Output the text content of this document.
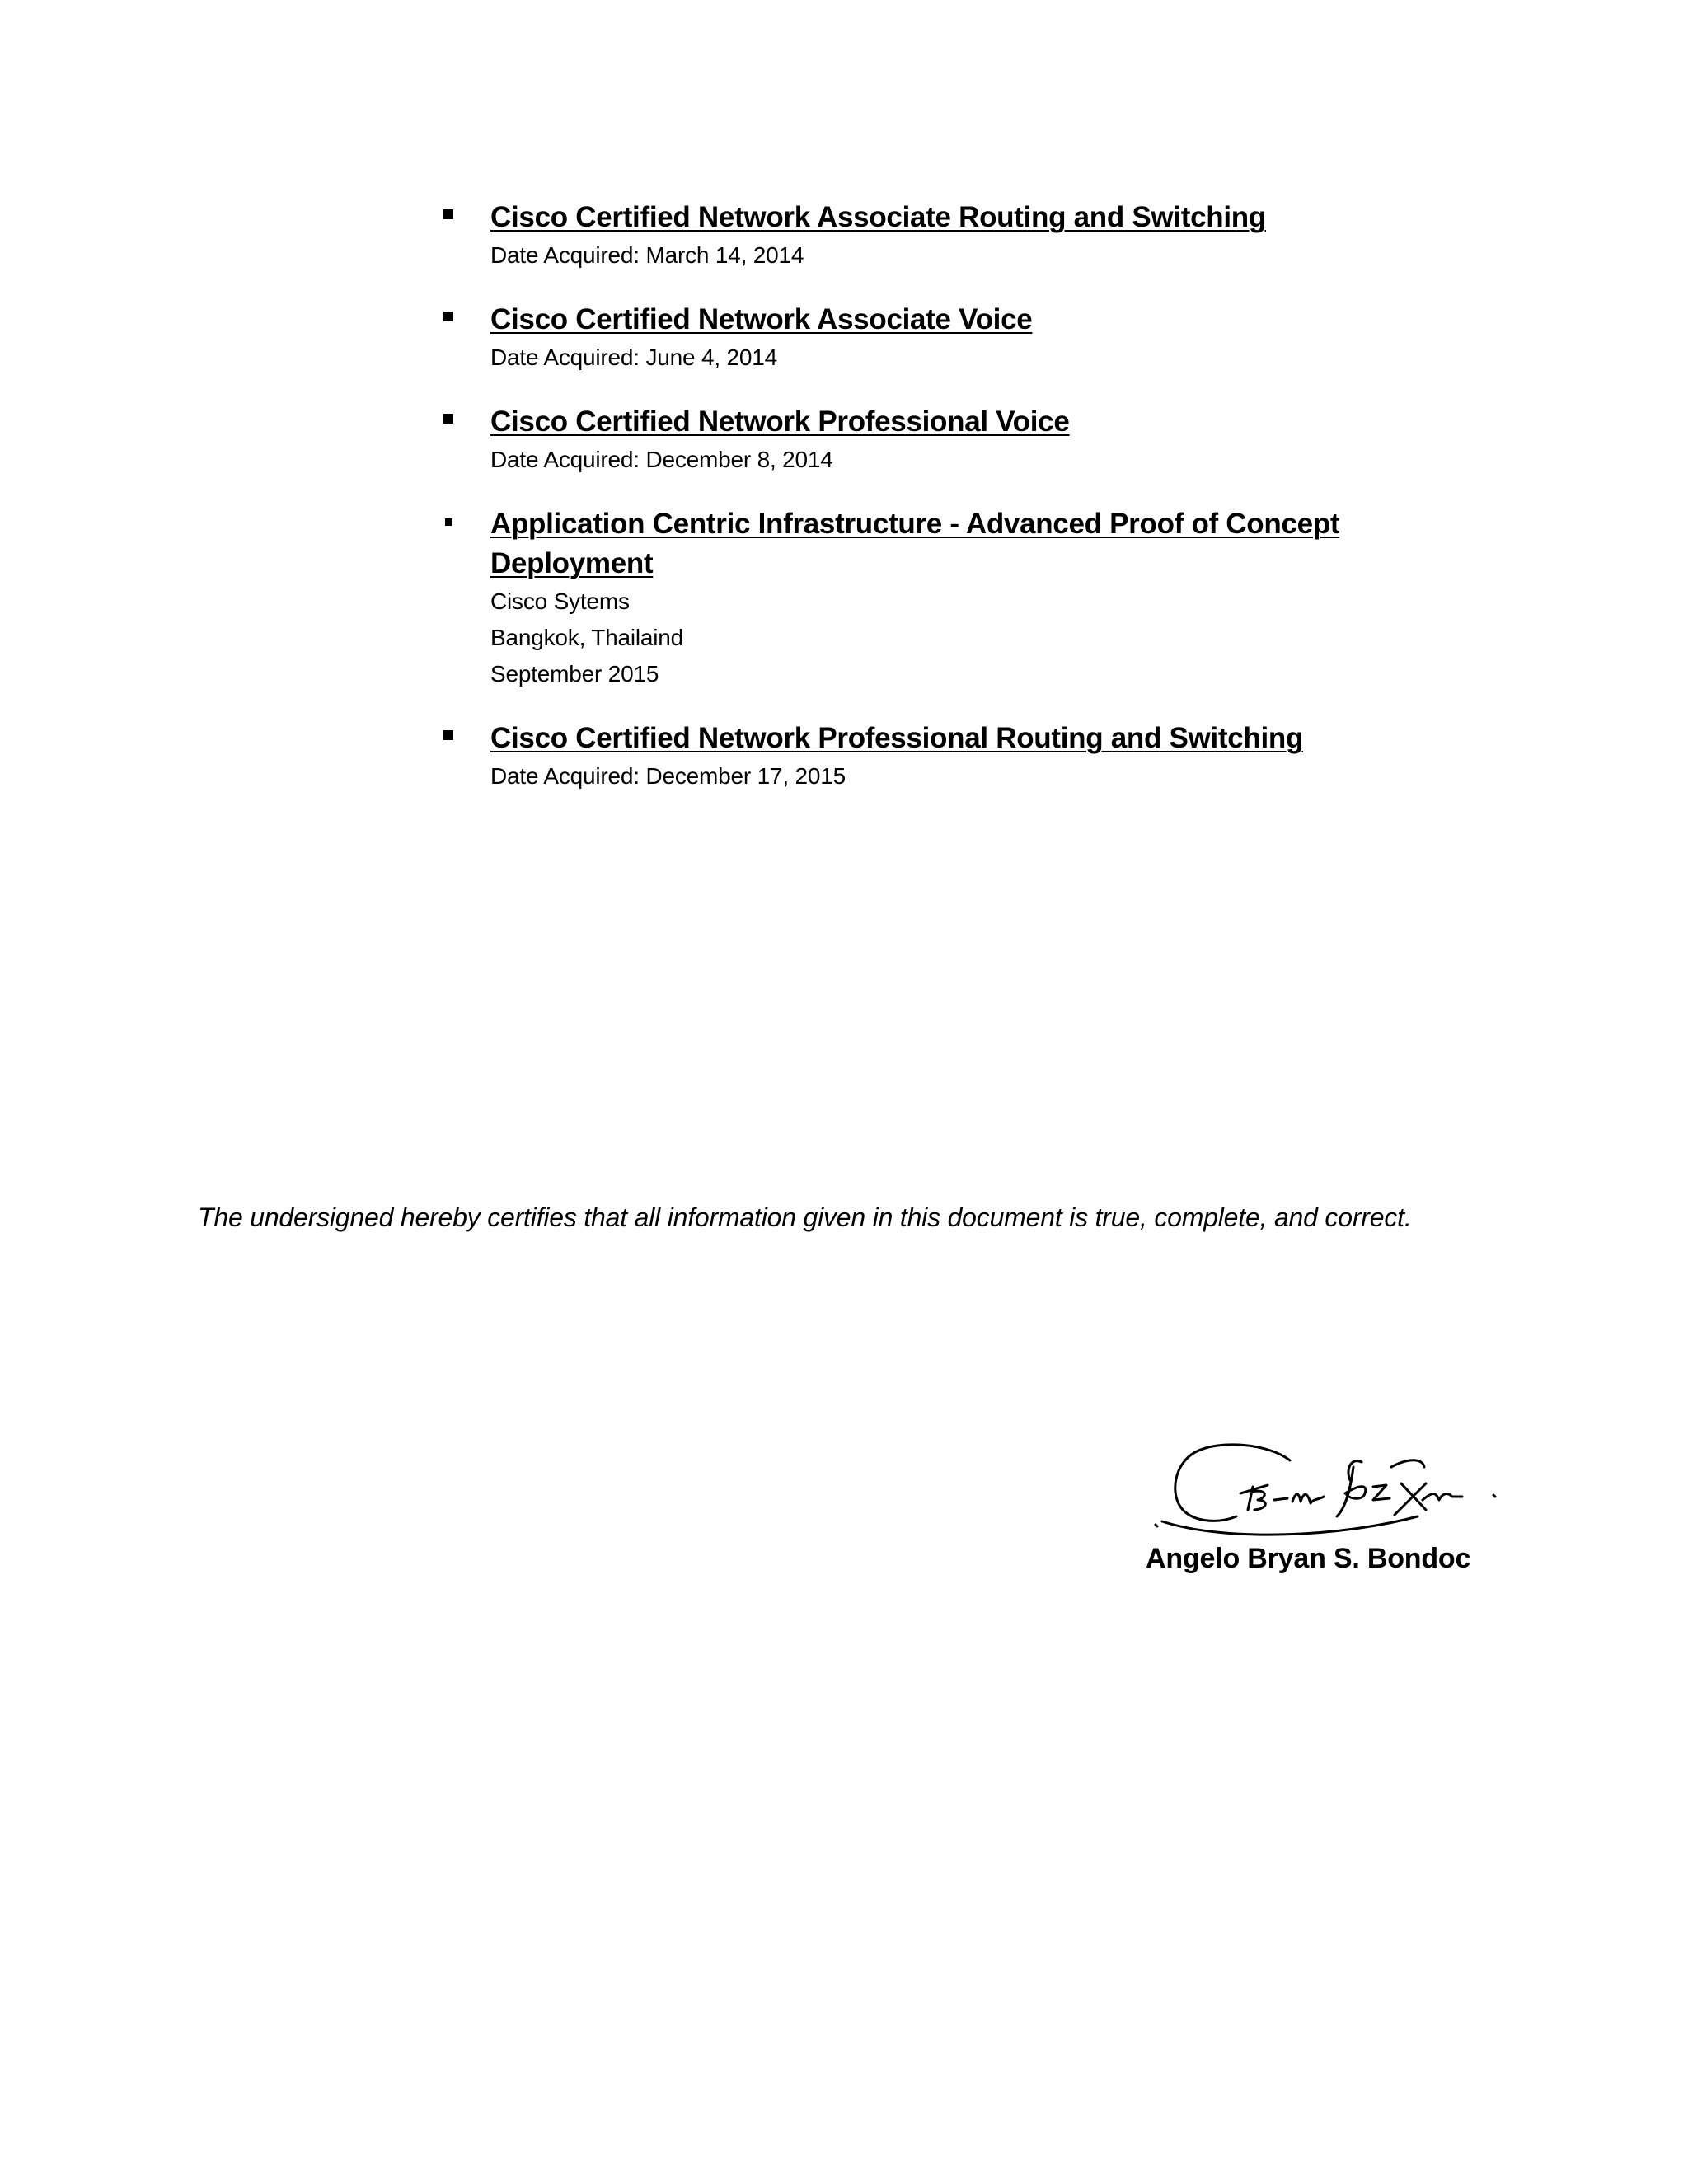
Cisco Certified Network Associate Routing and Switching
Date Acquired: March 14, 2014
Cisco Certified Network Associate Voice
Date Acquired: June 4, 2014
Cisco Certified Network Professional Voice
Date Acquired: December 8, 2014
Application Centric Infrastructure - Advanced Proof of Concept Deployment
Cisco Sytems
Bangkok, Thailaind
September 2015
Cisco Certified Network Professional Routing and Switching
Date Acquired: December 17, 2015

The undersigned hereby certifies that all information given in this document is true, complete, and correct.

Angelo Bryan S. Bondoc
